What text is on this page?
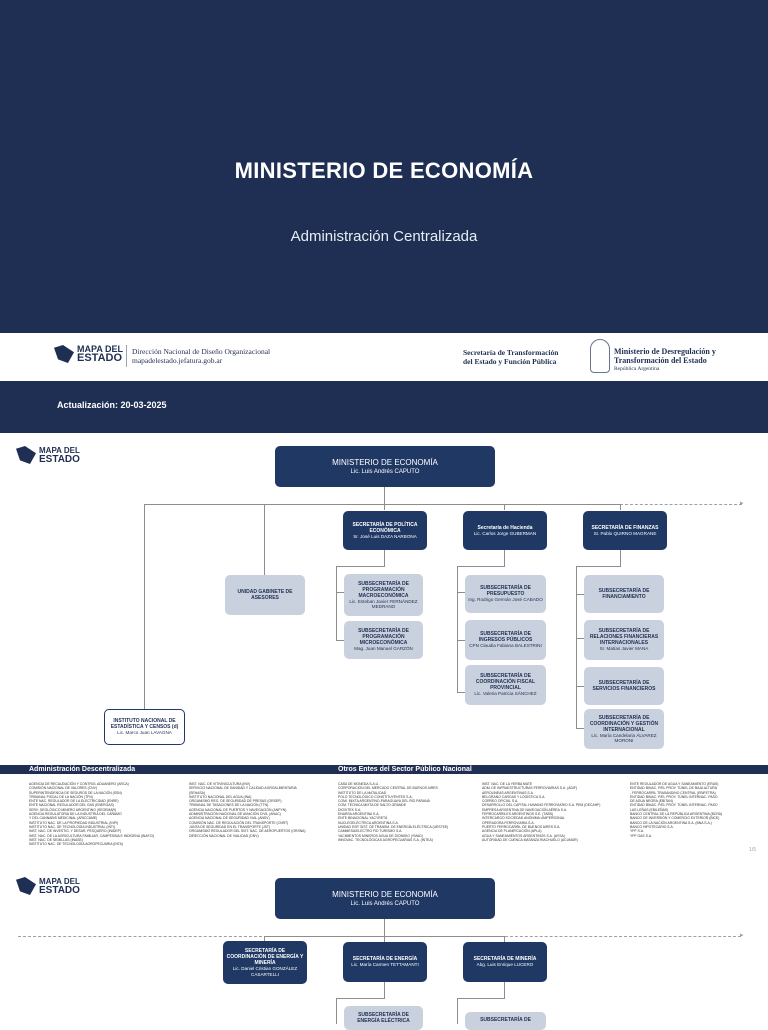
MINISTERIO DE ECONOMÍA
Administración Centralizada
MAPA DEL
ESTADO
Dirección Nacional de Diseño Organizacional
mapadelestado.jefatura.gob.ar
Secretaría de Transformación
del Estado y Función Pública
Ministerio de Desregulación y
Transformación del Estado
República Argentina
Actualización: 20-03-2025
MAPA DEL
ESTADO
▸
MINISTERIO DE ECONOMÍA
Lic. Luis Andrés CAPUTO
SECRETARÍA DE POLÍTICA ECONÓMICA
Sr. José Luis DAZA NARBONA
Secretaría de Hacienda
Lic. Carlos Jorge GUBERMAN
SECRETARÍA DE FINANZAS
Sr. Pablo QUIRNO MAGRANE
UNIDAD GABINETE DE ASESORES
SUBSECRETARÍA DE PROGRAMACIÓN MACROECONÓMICA
Lic. Esteban Javier FERNÁNDEZ MEDRANO
SUBSECRETARÍA DE PROGRAMACIÓN MICROECONÓMICA
Mag. Juan Manuel GARZÓN
SUBSECRETARÍA DE PRESUPUESTO
Ing. Rodrigo Germán José CABADO
SUBSECRETARÍA DE INGRESOS PÚBLICOS
CPN Claudia Fabiana BALESTRINI
SUBSECRETARÍA DE COORDINACIÓN FISCAL PROVINCIAL
Lic. Valeria Patricia SÁNCHEZ
SUBSECRETARÍA DE FINANCIAMIENTO
SUBSECRETARÍA DE RELACIONES FINANCIERAS INTERNACIONALES
Sr. Matías Javier MANA
SUBSECRETARÍA DE SERVICIOS FINANCIEROS
SUBSECRETARÍA DE COORDINACIÓN Y GESTIÓN INTERNACIONAL
Lic. María Candelaria ÁLVAREZ MORONI
INSTITUTO NACIONAL DE ESTADÍSTICA Y CENSOS (d)
Lic. Marco Juan LAVAGNA
Administración Descentralizada	Otros Entes del Sector Público Nacional
AGENCIA DE RECAUDACIÓN Y CONTROL ADUANERO (ARCA)
COMISIÓN NACIONAL DE VALORES (CNV)
SUPERINTENDENCIA DE SEGUROS DE LA NACIÓN (SSN)
TRIBUNAL FISCAL DE LA NACIÓN (TFN)
ENTE NAC. REGULADOR DE LA ELECTRICIDAD (ENRE)
ENTE NACIONAL REGULADOR DEL GAS (ENERGAS)
SERV. GEOLÓGICO MINERO ARGENTINO (SEGEMAR)
AGENCIA REGULATORIA DE LA INDUSTRIA DEL CÁÑAMO
Y DEL CANNABIS MEDICINAL (ARICCAME)
INSTITUTO NAC. DE LA PROPIEDAD INDUSTRIAL (INPI)
INSTITUTO NAC. DE TECNOLOGÍA INDUSTRIAL (INTI)
INST. NAC. DE INVESTIG. Y DESAR. PESQUERO (INIDEP)
INST. NAC. DE LA AGRICULTURA FAMILIAR, CAMPESINA E INDÍGENA (INAFCI)
INST. NAC. DE SEMILLAS (INASE)
INSTITUTO NAC. DE TECNOLOGÍA AGROPECUARIA (INTA)
INST. NAC. DE VITIVINICULTURA (INV)
SERVICIO NACIONAL DE SANIDAD Y CALIDAD AGROALIMENTARIA
(SENASA)
INSTITUTO NACIONAL DEL AGUA (INA)
ORGANISMO REG. DE SEGURIDAD DE PRESAS (ORSEP)
TRIBUNAL DE TASACIONES DE LA NACIÓN (TTN)
AGENCIA NACIONAL DE PUERTOS Y NAVEGACIÓN (ANPYN)
ADMINISTRACIÓN NACIONAL DE AVIACIÓN CIVIL (ANAC)
AGENCIA NACIONAL DE SEGURIDAD VIAL (ANSV)
COMISIÓN NAC. DE REGULACIÓN DEL TRANSPORTE (CNRT)
JUNTA DE SEGURIDAD EN EL TRANSPORTE (JST)
ORGANISMO REGULADOR DEL SIST. NAC. DE AEROPUERTOS (ORSNA)
DIRECCIÓN NACIONAL DE VIALIDAD (DNV)
CASA DE MONEDA S.A.U.
CORPORACIÓN DEL MERCADO CENTRAL DE BUENOS AIRES
INSTITUTO DE LA MATALIDAD
POLO TECNOLÓGICO CONSTITUYENTES S.A.
COMI. MIXTA ARGENTINO-PARAGUAYA DEL RÍO PARANÁ
COM. TÉCNICA MIXTA DE SALTO GRANDE
DIOXITEK S.A.
ENARSA ARGENTINA S.A.
ENTE BINACIONAL YACYRETÁ
NUCLEOELÉCTRICA ARGENTINA S.A.
UNIDAD ESP. SIST. DE TRANSM. DE ENERGÍA ELÉCTRICA (UESTEE)
CAMMESA/ELECTRO FID TURISMO S.A.
YACIMIENTOS MINEROS AGUA DE DIONISIO (YMAD)
INNOVAC. TECNOLÓGICAS AGROPECUARIAS S.A. (INTEA)
INST. NAC. DE LA YERBA MATE
ADM. DE INFRAESTRUCTURAS FERROVIARIAS S.A. (ADIF)
AEROLÍNEAS ARGENTINAS S.A.
BELGRANO CARGAS Y LOGÍSTICA S.A.
CORREO OFICIAL S.A.
DESARROLLO DEL CAPITAL HUMANO FERROVIARIO S.A. PEM (DECAHF)
EMPRESA ARGENTINA DE NAVEGACIÓN AÉREA S.A.
FERROCARRILES ARGENTINOS S.E. (TABS)
INTERCARGO SOCIEDAD ANÓNIMA UNIPERSONAL
OPERADORA FERROVIARIA S.A.
PUERTO FERROCARRIL DE BUENOS AIRES S.A.
AGENCIA DE PLANIFICACIÓN (APLA)
AGUA Y SANEAMIENTOS ARGENTINOS S.A. (AYSA)
AUTORIDAD DE CUENCA MATANZA RIACHUELO (ACUMAR)
ENTE REGULADOR DE AGUA Y SANEAMIENTO (ERAS)
ENTIDAD BINAC. P/EL PROY. TÚNEL DE BAJA ALTURA
- FERROCARRIL TRASANDINO CENTRAL (EBIFETRA)
ENTIDAD BINAC. P/EL PROY. TÚNEL INTERNAC. PASO
DE AGUA NEGRA (EBITAN)
ENTIDAD BINAC. P/EL PROY. TÚNEL INTERNAC. PASO
LAS LEÑAS (EBILEÑAS)
BANCO CENTRAL DE LA REPÚBLICA ARGENTINA (BCRA)
BANCO DE INVERSIÓN Y COMERCIO EXTERIOR (BICE)
BANCO DE LA NACIÓN ARGENTINA S.A. (BNA S.A.)
BANCO HIPOTECARIO S.A.
YPF S.A.
YPF GAS S.A.
1/5
MAPA DEL
ESTADO
▸
MINISTERIO DE ECONOMÍA
Lic. Luis Andrés CAPUTO
SECRETARÍA DE COORDINACIÓN DE ENERGÍA Y MINERÍA
Lic. Daniel Cristian GONZÁLEZ CASARTELLI
SECRETARÍA DE ENERGÍA
Lic. María Carmen TETTAMANTI
SECRETARÍA DE MINERÍA
Abg. Luis Enrique LUCERO
SUBSECRETARÍA DE ENERGÍA ELÉCTRICA	SUBSECRETARÍA DE
